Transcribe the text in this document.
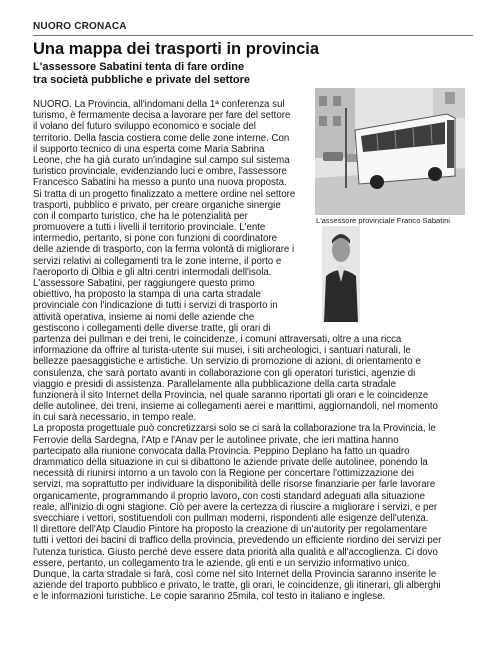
NUORO CRONACA
Una mappa dei trasporti in provincia
L'assessore Sabatini tenta di fare ordine
tra società pubbliche e private del settore
L'assessore provinciale Franco Sabatini
NUORO. La Provincia, all'indomani della 1ª conferenza sul
turismo, è fermamente decisa a lavorare per fare del settore
il volano del futuro sviluppo economico e sociale del
territorio. Della fascia costiera come delle zone interne. Con
il supporto tecnico di una esperta come Maria Sabrina
Leone, che ha già curato un'indagine sul campo sul sistema
turistico provinciale, evidenziando luci e ombre, l'assessore
Francesco Sabatini ha messo a punto una nuova proposta.
Si tratta di un progetto finalizzato a mettere ordine nel settore
trasporti, pubblico e privato, per creare organiche sinergie
con il comparto turistico, che ha le potenzialità per
promuovere a tutti i livelli il territorio provinciale. L'ente
intermedio, pertanto, si pone con funzioni di coordinatore
delle aziende di trasporto, con la ferma volontà di migliorare i
servizi relativi ai collegamenti tra le zone interne, il porto e
l'aeroporto di Olbia e gli altri centri intermodali dell'isola.
L'assessore Sabatini, per raggiungere questo primo
obiettivo, ha proposto la stampa di una carta stradale
provinciale con l'indicazione di tutti i servizi di trasporto in
attività operativa, insieme ai nomi delle aziende che
gestiscono i collegamenti delle diverse tratte, gli orari di
partenza dei pullman e dei treni, le coincidenze, i comuni attraversati, oltre a una ricca
informazione da offrire al turista-utente sui musei, i siti archeologici, i santuari naturali, le
bellezze paesaggistiche e artistiche. Un servizio di promozione di azioni, di orientamento e
consulenza, che sarà portato avanti in collaborazione con gli operatori turistici, agenzie di
viaggio e presidi di assistenza. Parallelamente alla pubblicazione della carta stradale
funzionerà il sito Internet della Provincia, nel quale saranno riportati gli orari e le coincidenze
delle autolinee, dei treni, insieme ai collegamenti aerei e marittimi, aggiornandoli, nel momento
in cui sarà necessario, in tempo reale.
La proposta progettuale può concretizzarsi solo se ci sarà la collaborazione tra la Provincia, le
Ferrovie della Sardegna, l'Atp e l'Anav per le autolinee private, che ieri mattina hanno
partecipato alla riunione convocata dalla Provincia. Peppino Deplano ha fatto un quadro
drammatico della situazione in cui si dibattono le aziende private delle autolinee, ponendo la
necessità di riunirsi intorno a un tavolo con la Regione per concertare l'ottimizzazione dei
servizi, ma soprattutto per individuare la disponibilità delle risorse finanziarie per farle lavorare
organicamente, programmando il proprio lavoro, con costi standard adeguati alla situazione
reale, all'inizio di ogni stagione. Ciò per avere la certezza di riuscire a migliorare i servizi, e per
svecchiare i vettori, sostituendoli con pullman moderni, rispondenti alle esigenze dell'utenza.
Il direttore dell'Atp Claudio Pintore ha proposto la creazione di un'autority per regolamentare
tutti i vettori dei bacini di traffico della provincia, prevedendo un efficiente riordino dei servizi per
l'utenza turistica. Giusto perché deve essere data priorità alla qualità e all'accoglienza. Ci dovo
essere, pertanto, un collegamento tra le aziende, gli enti e un servizio informativo unico.
Dunque, la carta stradale si farà, così come nel sito Internet della Provincia saranno inserite le
aziende del traporto pubblico e privato, le tratte, gli orari, le coincidenze, gli itinerari, gli alberghi
e le informazioni turistiche. Le copie saranno 25mila, col testo in italiano e inglese.
